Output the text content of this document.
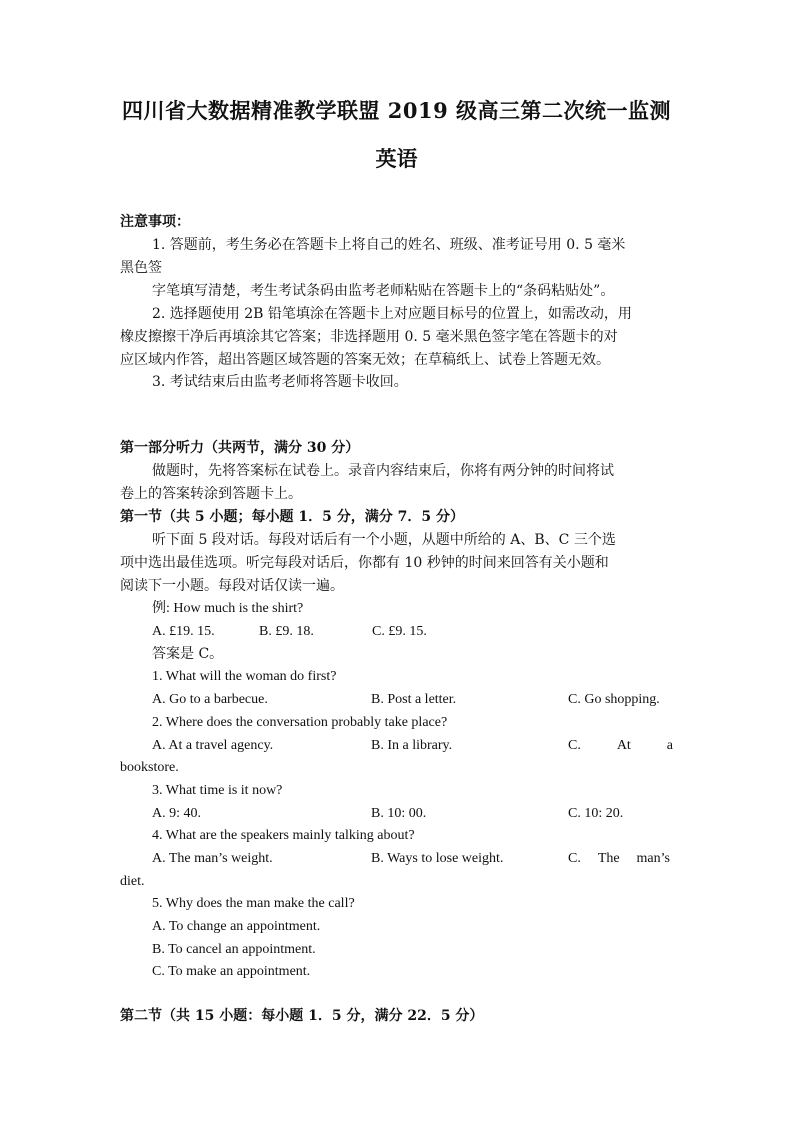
四川省大数据精准教学联盟 2019 级高三第二次统一监测
英语
注意事项：
1. 答题前，考生务必在答题卡上将自己的姓名、班级、准考证号用 0. 5 毫米
黑色签
字笔填写清楚，考生考试条码由监考老师粘贴在答题卡上的“条码粘贴处”。
2. 选择题使用 2B 铅笔填涂在答题卡上对应题目标号的位置上，如需改动，用
橡皮擦擦干净后再填涂其它答案；非选择题用 0. 5 毫米黑色签字笔在答题卡的对
应区域内作答，超出答题区域答题的答案无效；在草稿纸上、试卷上答题无效。
3. 考试结束后由监考老师将答题卡收回。
第一部分听力（共两节，满分 30 分）
做题时，先将答案标在试卷上。录音内容结束后，你将有两分钟的时间将试
卷上的答案转涂到答题卡上。
第一节（共 5 小题；每小题 1．5 分，满分 7．5 分）
听下面 5 段对话。每段对话后有一个小题，从题中所给的 A、B、C 三个选
项中选出最佳选项。听完每段对话后，你都有 10 秒钟的时间来回答有关小题和
阅读下一小题。每段对话仅读一遍。
例: How much is the shirt?
A. £19. 15.	B. £9. 18.	C. £9. 15.
答案是 C。
1. What will the woman do first?
A. Go to a barbecue.	B. Post a letter.	C. Go shopping.
2. Where does the conversation probably take place?
A. At a travel agency.	B. In a library.	C.	At	a
bookstore.
3. What time is it now?
A. 9: 40.	B. 10: 00.	C. 10: 20.
4. What are the speakers mainly talking about?
A. The man’s weight.	B. Ways to lose weight.	C. The man’s
diet.
5. Why does the man make the call?
A. To change an appointment.
B. To cancel an appointment.
C. To make an appointment.
第二节（共 15 小题：每小题 1．5 分，满分 22．5 分）
